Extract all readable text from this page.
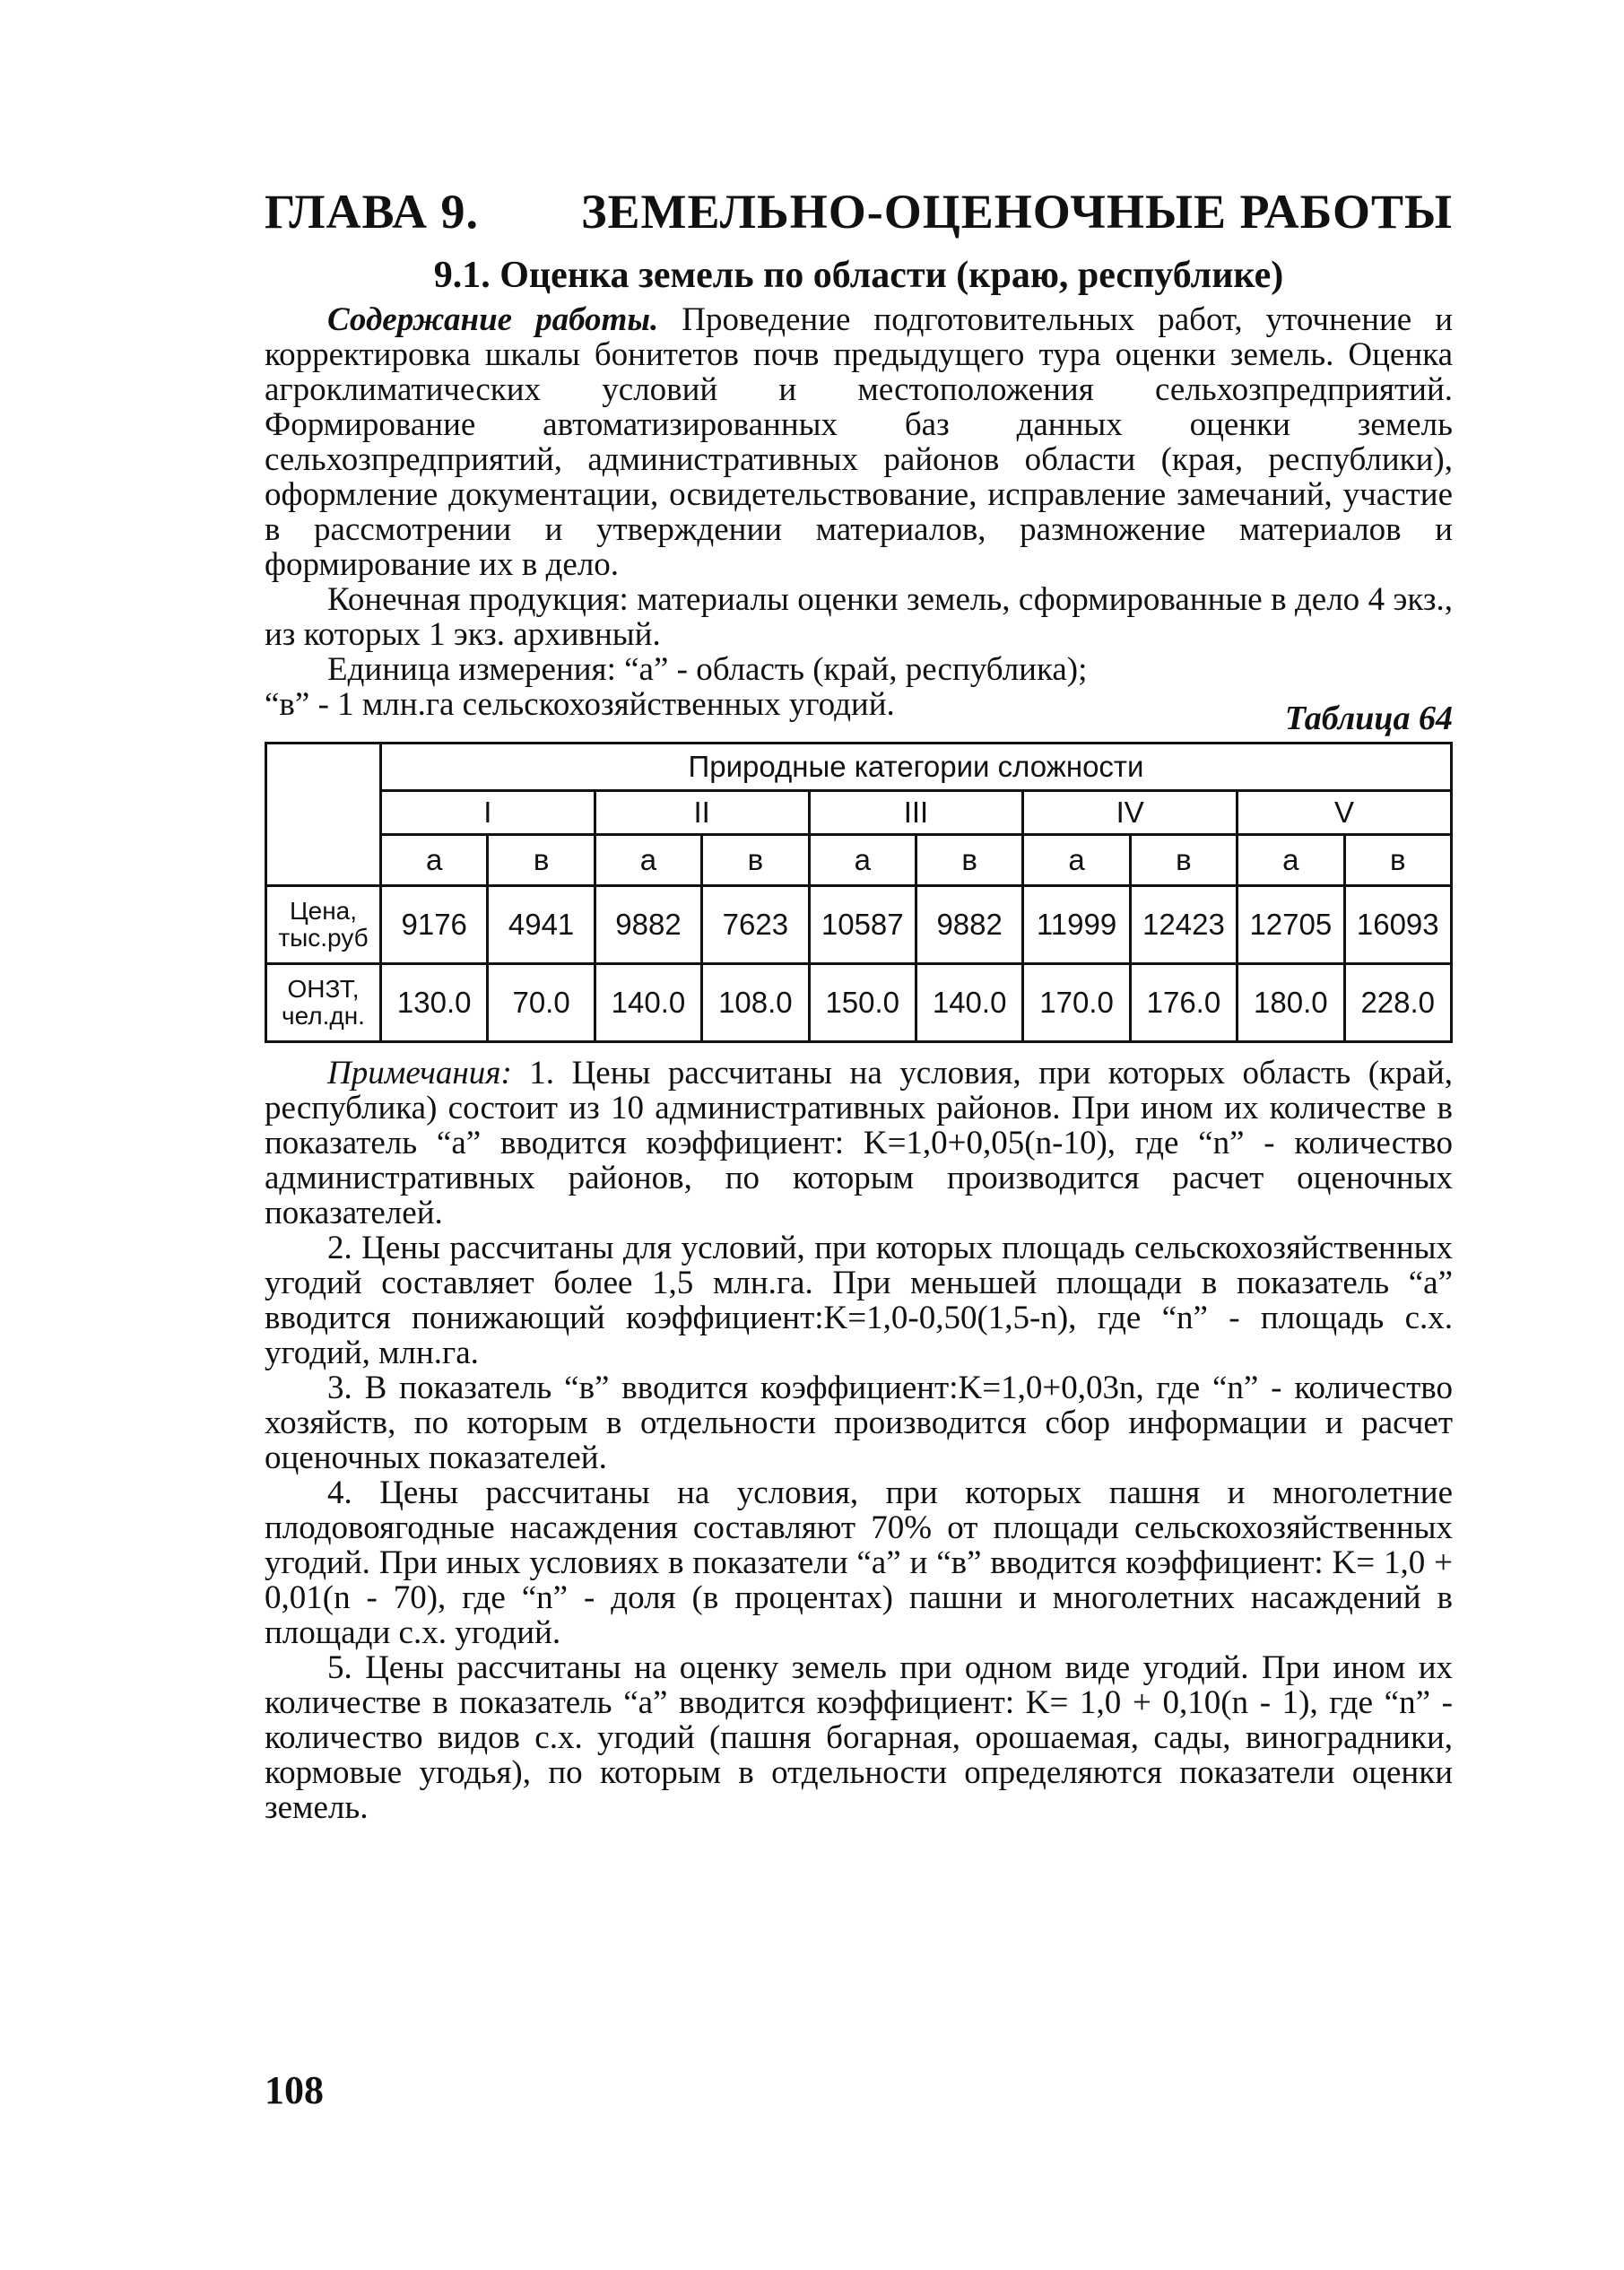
ГЛАВА 9. ЗЕМЕЛЬНО-ОЦЕНОЧНЫЕ РАБОТЫ
9.1. Оценка земель по области (краю, республике)

Содержание работы. Проведение подготовительных работ, уточнение и корректировка шкалы бонитетов почв предыдущего тура оценки земель. Оценка агроклиматических условий и местоположения сельхозпредприятий. Формирование автоматизированных баз данных оценки земель сельхозпредприятий, административных районов области (края, республики), оформление документации, освидетельствование, исправление замечаний, участие в рассмотрении и утверждении материалов, размножение материалов и формирование их в дело.

Конечная продукция: материалы оценки земель, сформированные в дело 4 экз., из которых 1 экз. архивный.

Единица измерения: “а” - область (край, республика);

“в” - 1 млн.га сельскохозяйственных угодий.	Таблица 64
	Природные категории сложности									
	I		II		III		IV		V	
	а	в	а	в	а	в	а	в	а	в
Цена, тыс.руб	9176	4941	9882	7623	10587	9882	11999	12423	12705	16093
ОНЗТ, чел.дн.	130.0	70.0	140.0	108.0	150.0	140.0	170.0	176.0	180.0	228.0

Примечания: 1. Цены рассчитаны на условия, при которых область (край, республика) состоит из 10 административных районов. При ином их количестве в показатель “а” вводится коэффициент: K=1,0+0,05(n-10), где “n” - количество административных районов, по которым производится расчет оценочных показателей.

2. Цены рассчитаны для условий, при которых площадь сельскохозяйственных угодий составляет более 1,5 млн.га. При меньшей площади в показатель “а” вводится понижающий коэффициент:K=1,0-0,50(1,5-n), где “n” - площадь с.х. угодий, млн.га.

3. В показатель “в” вводится коэффициент:K=1,0+0,03n, где “n” - количество хозяйств, по которым в отдельности производится сбор информации и расчет оценочных показателей.

4. Цены рассчитаны на условия, при которых пашня и многолетние плодовоягодные насаждения составляют 70% от площади сельскохозяйственных угодий. При иных условиях в показатели “а” и “в” вводится коэффициент: K= 1,0 + 0,01(n - 70), где “n” - доля (в процентах) пашни и многолетних насаждений в площади с.х. угодий.

5. Цены рассчитаны на оценку земель при одном виде угодий. При ином их количестве в показатель “а” вводится коэффициент: K= 1,0 + 0,10(n - 1), где “n” - количество видов с.х. угодий (пашня богарная, орошаемая, сады, виноградники, кормовые угодья), по которым в отдельности определяются показатели оценки земель.

108
